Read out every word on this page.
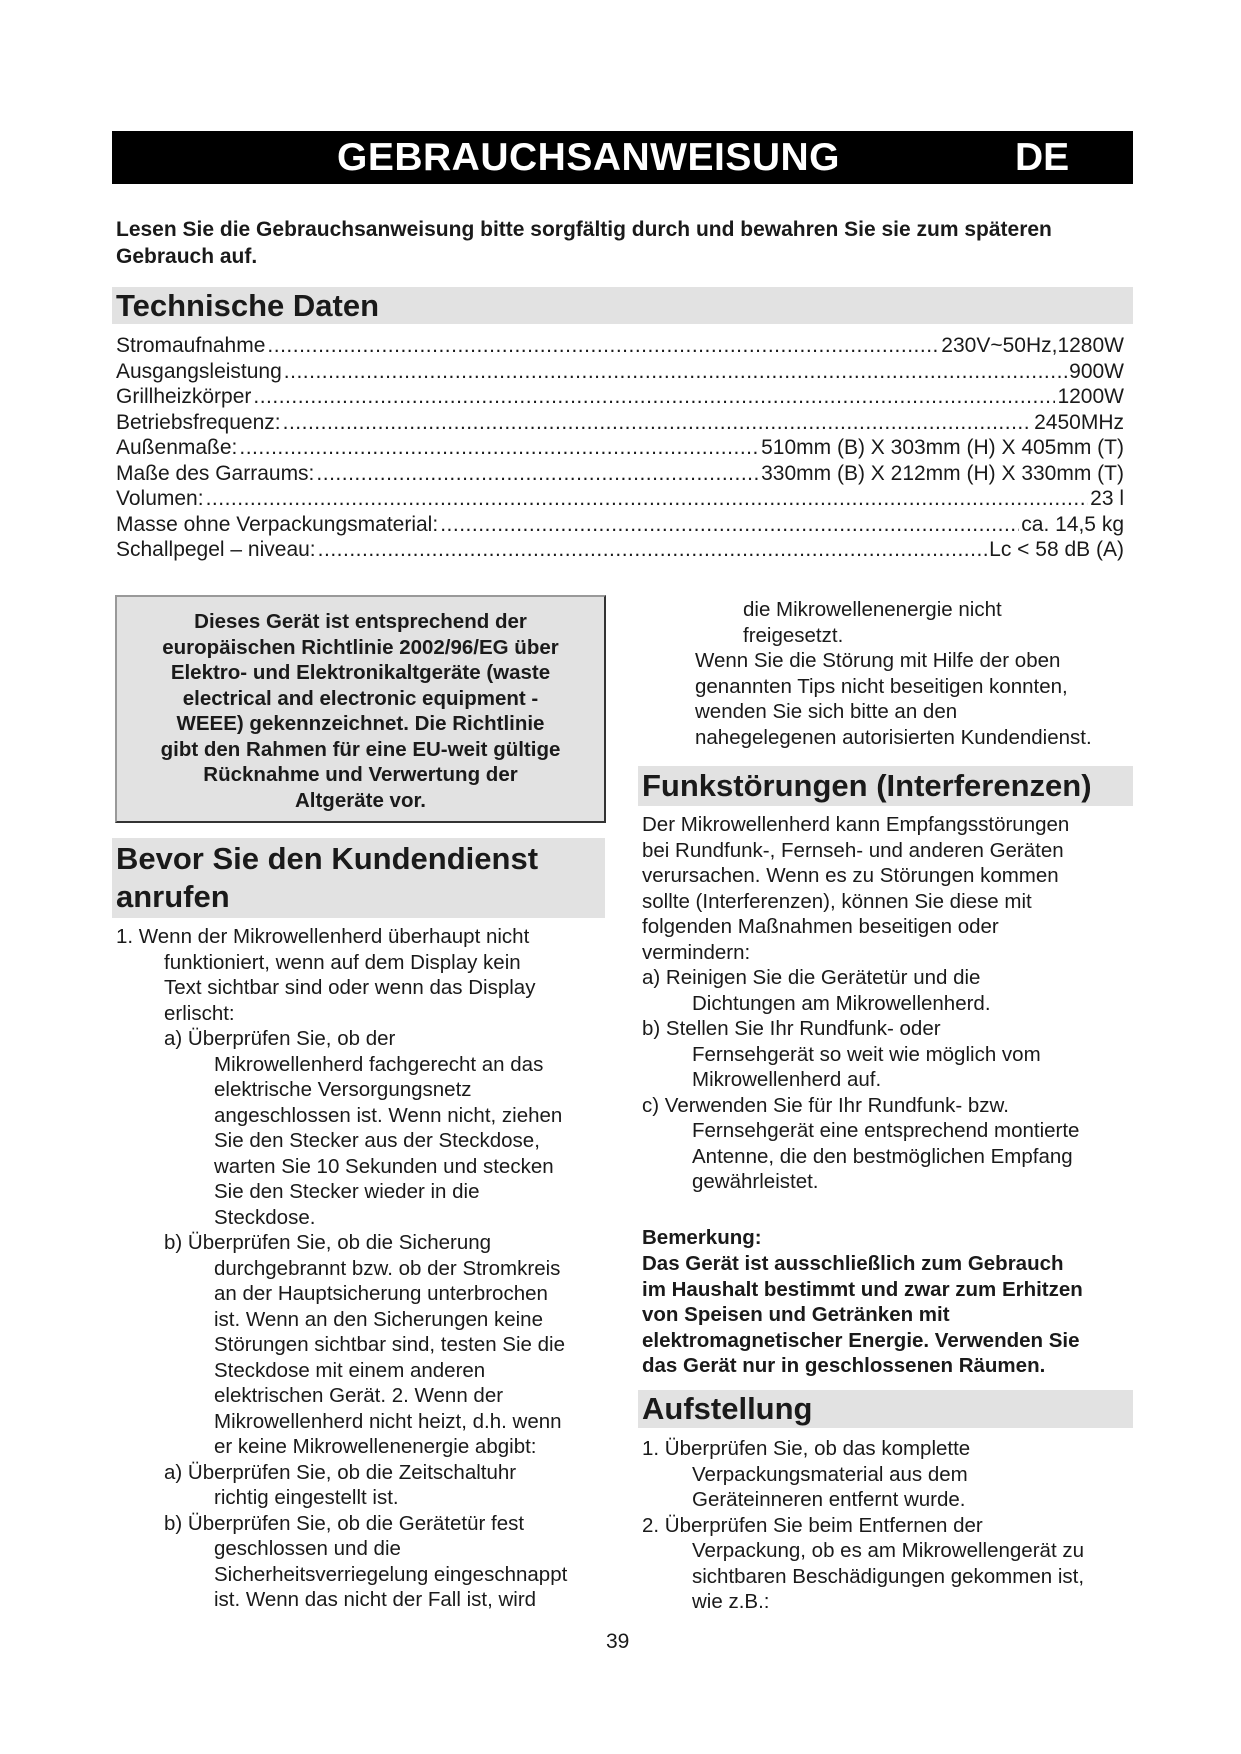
GEBRAUCHSANWEISUNG	DE
Lesen Sie die Gebrauchsanweisung bitte sorgfältig durch und bewahren Sie sie zum späteren
Gebrauch auf.
Technische Daten
Stromaufnahme .....	230V~50Hz,1280W
Ausgangsleistung .....	900W
Grillheizkörper .....	1200W
Betriebsfrequenz: .....	2450MHz
Außenmaße: .....	510mm (B) X 303mm (H) X 405mm (T)
Maße des Garraums: .....	330mm (B) X 212mm (H) X 330mm (T)
Volumen: .....	23 l
Masse ohne Verpackungsmaterial: .....	ca. 14,5 kg
Schallpegel – niveau: .....	Lc < 58 dB (A)
Dieses Gerät ist entsprechend der
europäischen Richtlinie 2002/96/EG über
Elektro- und Elektronikaltgeräte (waste
electrical and electronic equipment -
WEEE) gekennzeichnet. Die Richtlinie
gibt den Rahmen für eine EU-weit gültige
Rücknahme und Verwertung der
Altgeräte vor.
Bevor Sie den Kundendienst
anrufen
1. Wenn der Mikrowellenherd überhaupt nicht
funktioniert, wenn auf dem Display kein
Text sichtbar sind oder wenn das Display
erlischt:
a) Überprüfen Sie, ob der
Mikrowellenherd fachgerecht an das
elektrische Versorgungsnetz
angeschlossen ist. Wenn nicht, ziehen
Sie den Stecker aus der Steckdose,
warten Sie 10 Sekunden und stecken
Sie den Stecker wieder in die
Steckdose.
b) Überprüfen Sie, ob die Sicherung
durchgebrannt bzw. ob der Stromkreis
an der Hauptsicherung unterbrochen
ist. Wenn an den Sicherungen keine
Störungen sichtbar sind, testen Sie die
Steckdose mit einem anderen
elektrischen Gerät. 2. Wenn der
Mikrowellenherd nicht heizt, d.h. wenn
er keine Mikrowellenenergie abgibt:
a) Überprüfen Sie, ob die Zeitschaltuhr
richtig eingestellt ist.
b) Überprüfen Sie, ob die Gerätetür fest
geschlossen und die
Sicherheitsverriegelung eingeschnappt
ist. Wenn das nicht der Fall ist, wird
die Mikrowellenenergie nicht
freigesetzt.
Wenn Sie die Störung mit Hilfe der oben
genannten Tips nicht beseitigen konnten,
wenden Sie sich bitte an den
nahegelegenen autorisierten Kundendienst.
Funkstörungen (Interferenzen)
Der Mikrowellenherd kann Empfangsstörungen
bei Rundfunk-, Fernseh- und anderen Geräten
verursachen. Wenn es zu Störungen kommen
sollte (Interferenzen), können Sie diese mit
folgenden Maßnahmen beseitigen oder
vermindern:
a) Reinigen Sie die Gerätetür und die
Dichtungen am Mikrowellenherd.
b) Stellen Sie Ihr Rundfunk- oder
Fernsehgerät so weit wie möglich vom
Mikrowellenherd auf.
c) Verwenden Sie für Ihr Rundfunk- bzw.
Fernsehgerät eine entsprechend montierte
Antenne, die den bestmöglichen Empfang
gewährleistet.
Bemerkung:
Das Gerät ist ausschließlich zum Gebrauch
im Haushalt bestimmt und zwar zum Erhitzen
von Speisen und Getränken mit
elektromagnetischer Energie. Verwenden Sie
das Gerät nur in geschlossenen Räumen.
Aufstellung
1. Überprüfen Sie, ob das komplette
Verpackungsmaterial aus dem
Geräteinneren entfernt wurde.
2. Überprüfen Sie beim Entfernen der
Verpackung, ob es am Mikrowellengerät zu
sichtbaren Beschädigungen gekommen ist,
wie z.B.:
39
